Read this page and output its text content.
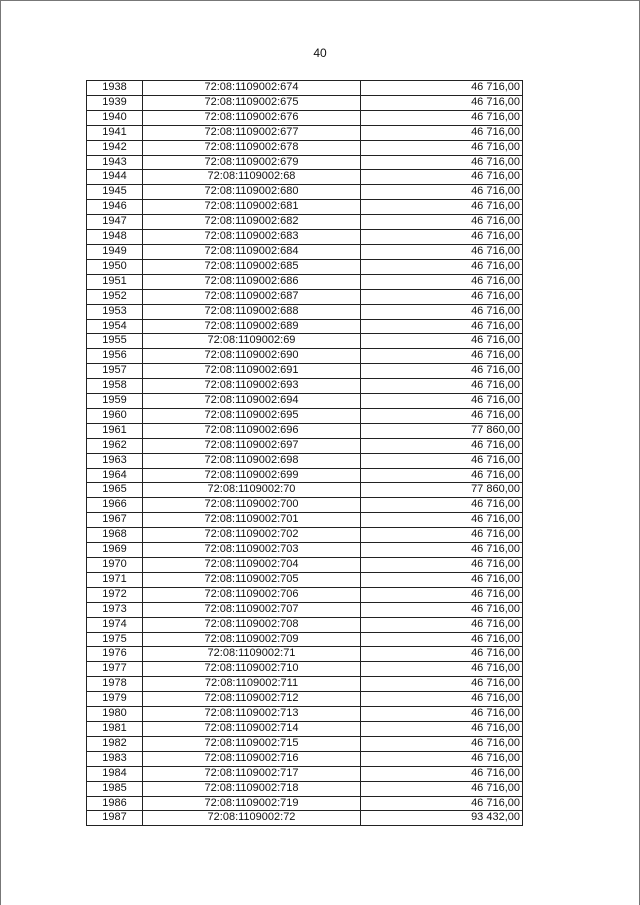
40
1938	72:08:1109002:674	46 716,00
1939	72:08:1109002:675	46 716,00
1940	72:08:1109002:676	46 716,00
1941	72:08:1109002:677	46 716,00
1942	72:08:1109002:678	46 716,00
1943	72:08:1109002:679	46 716,00
1944	72:08:1109002:68	46 716,00
1945	72:08:1109002:680	46 716,00
1946	72:08:1109002:681	46 716,00
1947	72:08:1109002:682	46 716,00
1948	72:08:1109002:683	46 716,00
1949	72:08:1109002:684	46 716,00
1950	72:08:1109002:685	46 716,00
1951	72:08:1109002:686	46 716,00
1952	72:08:1109002:687	46 716,00
1953	72:08:1109002:688	46 716,00
1954	72:08:1109002:689	46 716,00
1955	72:08:1109002:69	46 716,00
1956	72:08:1109002:690	46 716,00
1957	72:08:1109002:691	46 716,00
1958	72:08:1109002:693	46 716,00
1959	72:08:1109002:694	46 716,00
1960	72:08:1109002:695	46 716,00
1961	72:08:1109002:696	77 860,00
1962	72:08:1109002:697	46 716,00
1963	72:08:1109002:698	46 716,00
1964	72:08:1109002:699	46 716,00
1965	72:08:1109002:70	77 860,00
1966	72:08:1109002:700	46 716,00
1967	72:08:1109002:701	46 716,00
1968	72:08:1109002:702	46 716,00
1969	72:08:1109002:703	46 716,00
1970	72:08:1109002:704	46 716,00
1971	72:08:1109002:705	46 716,00
1972	72:08:1109002:706	46 716,00
1973	72:08:1109002:707	46 716,00
1974	72:08:1109002:708	46 716,00
1975	72:08:1109002:709	46 716,00
1976	72:08:1109002:71	46 716,00
1977	72:08:1109002:710	46 716,00
1978	72:08:1109002:711	46 716,00
1979	72:08:1109002:712	46 716,00
1980	72:08:1109002:713	46 716,00
1981	72:08:1109002:714	46 716,00
1982	72:08:1109002:715	46 716,00
1983	72:08:1109002:716	46 716,00
1984	72:08:1109002:717	46 716,00
1985	72:08:1109002:718	46 716,00
1986	72:08:1109002:719	46 716,00
1987	72:08:1109002:72	93 432,00
